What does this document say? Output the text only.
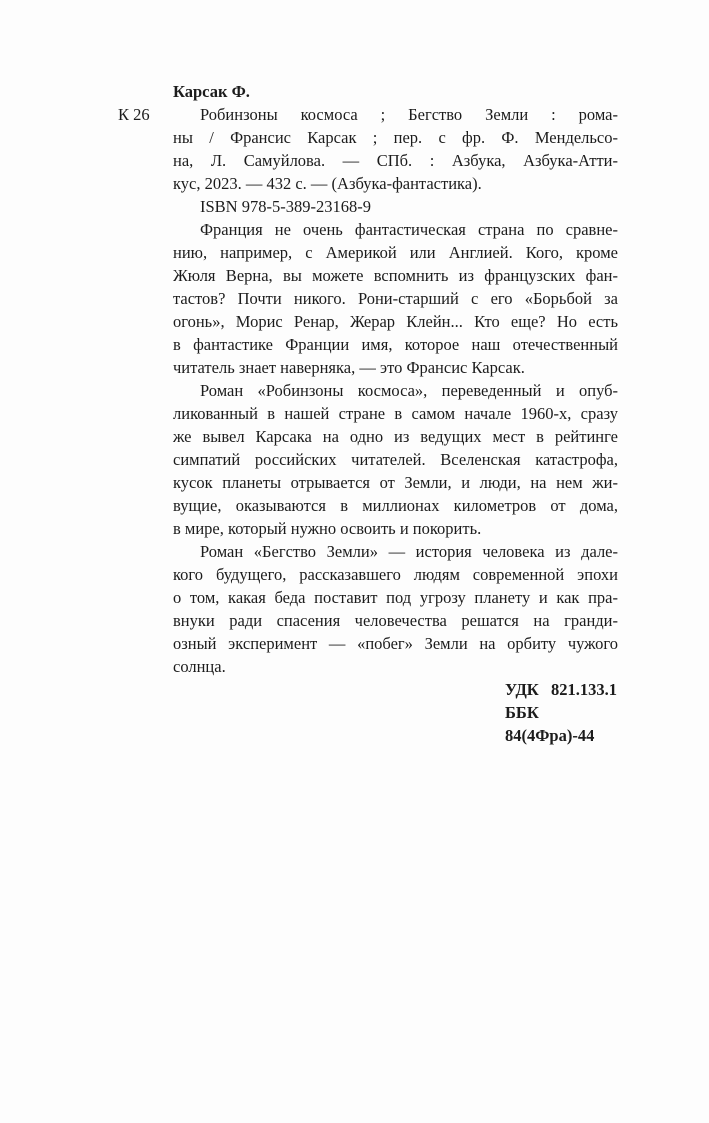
Карсак Ф.
К 26	Робинзоны космоса ; Бегство Земли : рома-
ны / Франсис Карсак ; пер. с фр. Ф. Мендельсо-
на, Л. Самуйлова. — СПб. : Азбука, Азбука-Атти-
кус, 2023. — 432 с. — (Азбука-фантастика).
ISBN 978-5-389-23168-9
Франция не очень фантастическая страна по сравне-
нию, например, с Америкой или Англией. Кого, кроме
Жюля Верна, вы можете вспомнить из французских фан-
тастов? Почти никого. Рони-старший с его «Борьбой за
огонь», Морис Ренар, Жерар Клейн... Кто еще? Но есть
в фантастике Франции имя, которое наш отечественный
читатель знает наверняка, — это Франсис Карсак.
Роман «Робинзоны космоса», переведенный и опуб-
ликованный в нашей стране в самом начале 1960-х, сразу
же вывел Карсака на одно из ведущих мест в рейтинге
симпатий российских читателей. Вселенская катастрофа,
кусок планеты отрывается от Земли, и люди, на нем жи-
вущие, оказываются в миллионах километров от дома,
в мире, который нужно освоить и покорить.
Роман «Бегство Земли» — история человека из дале-
кого будущего, рассказавшего людям современной эпохи
о том, какая беда поставит под угрозу планету и как пра-
внуки ради спасения человечества решатся на гранди-
озный эксперимент — «побег» Земли на орбиту чужого
солнца.
УДК 821.133.1
ББК84(4Фра)-44
